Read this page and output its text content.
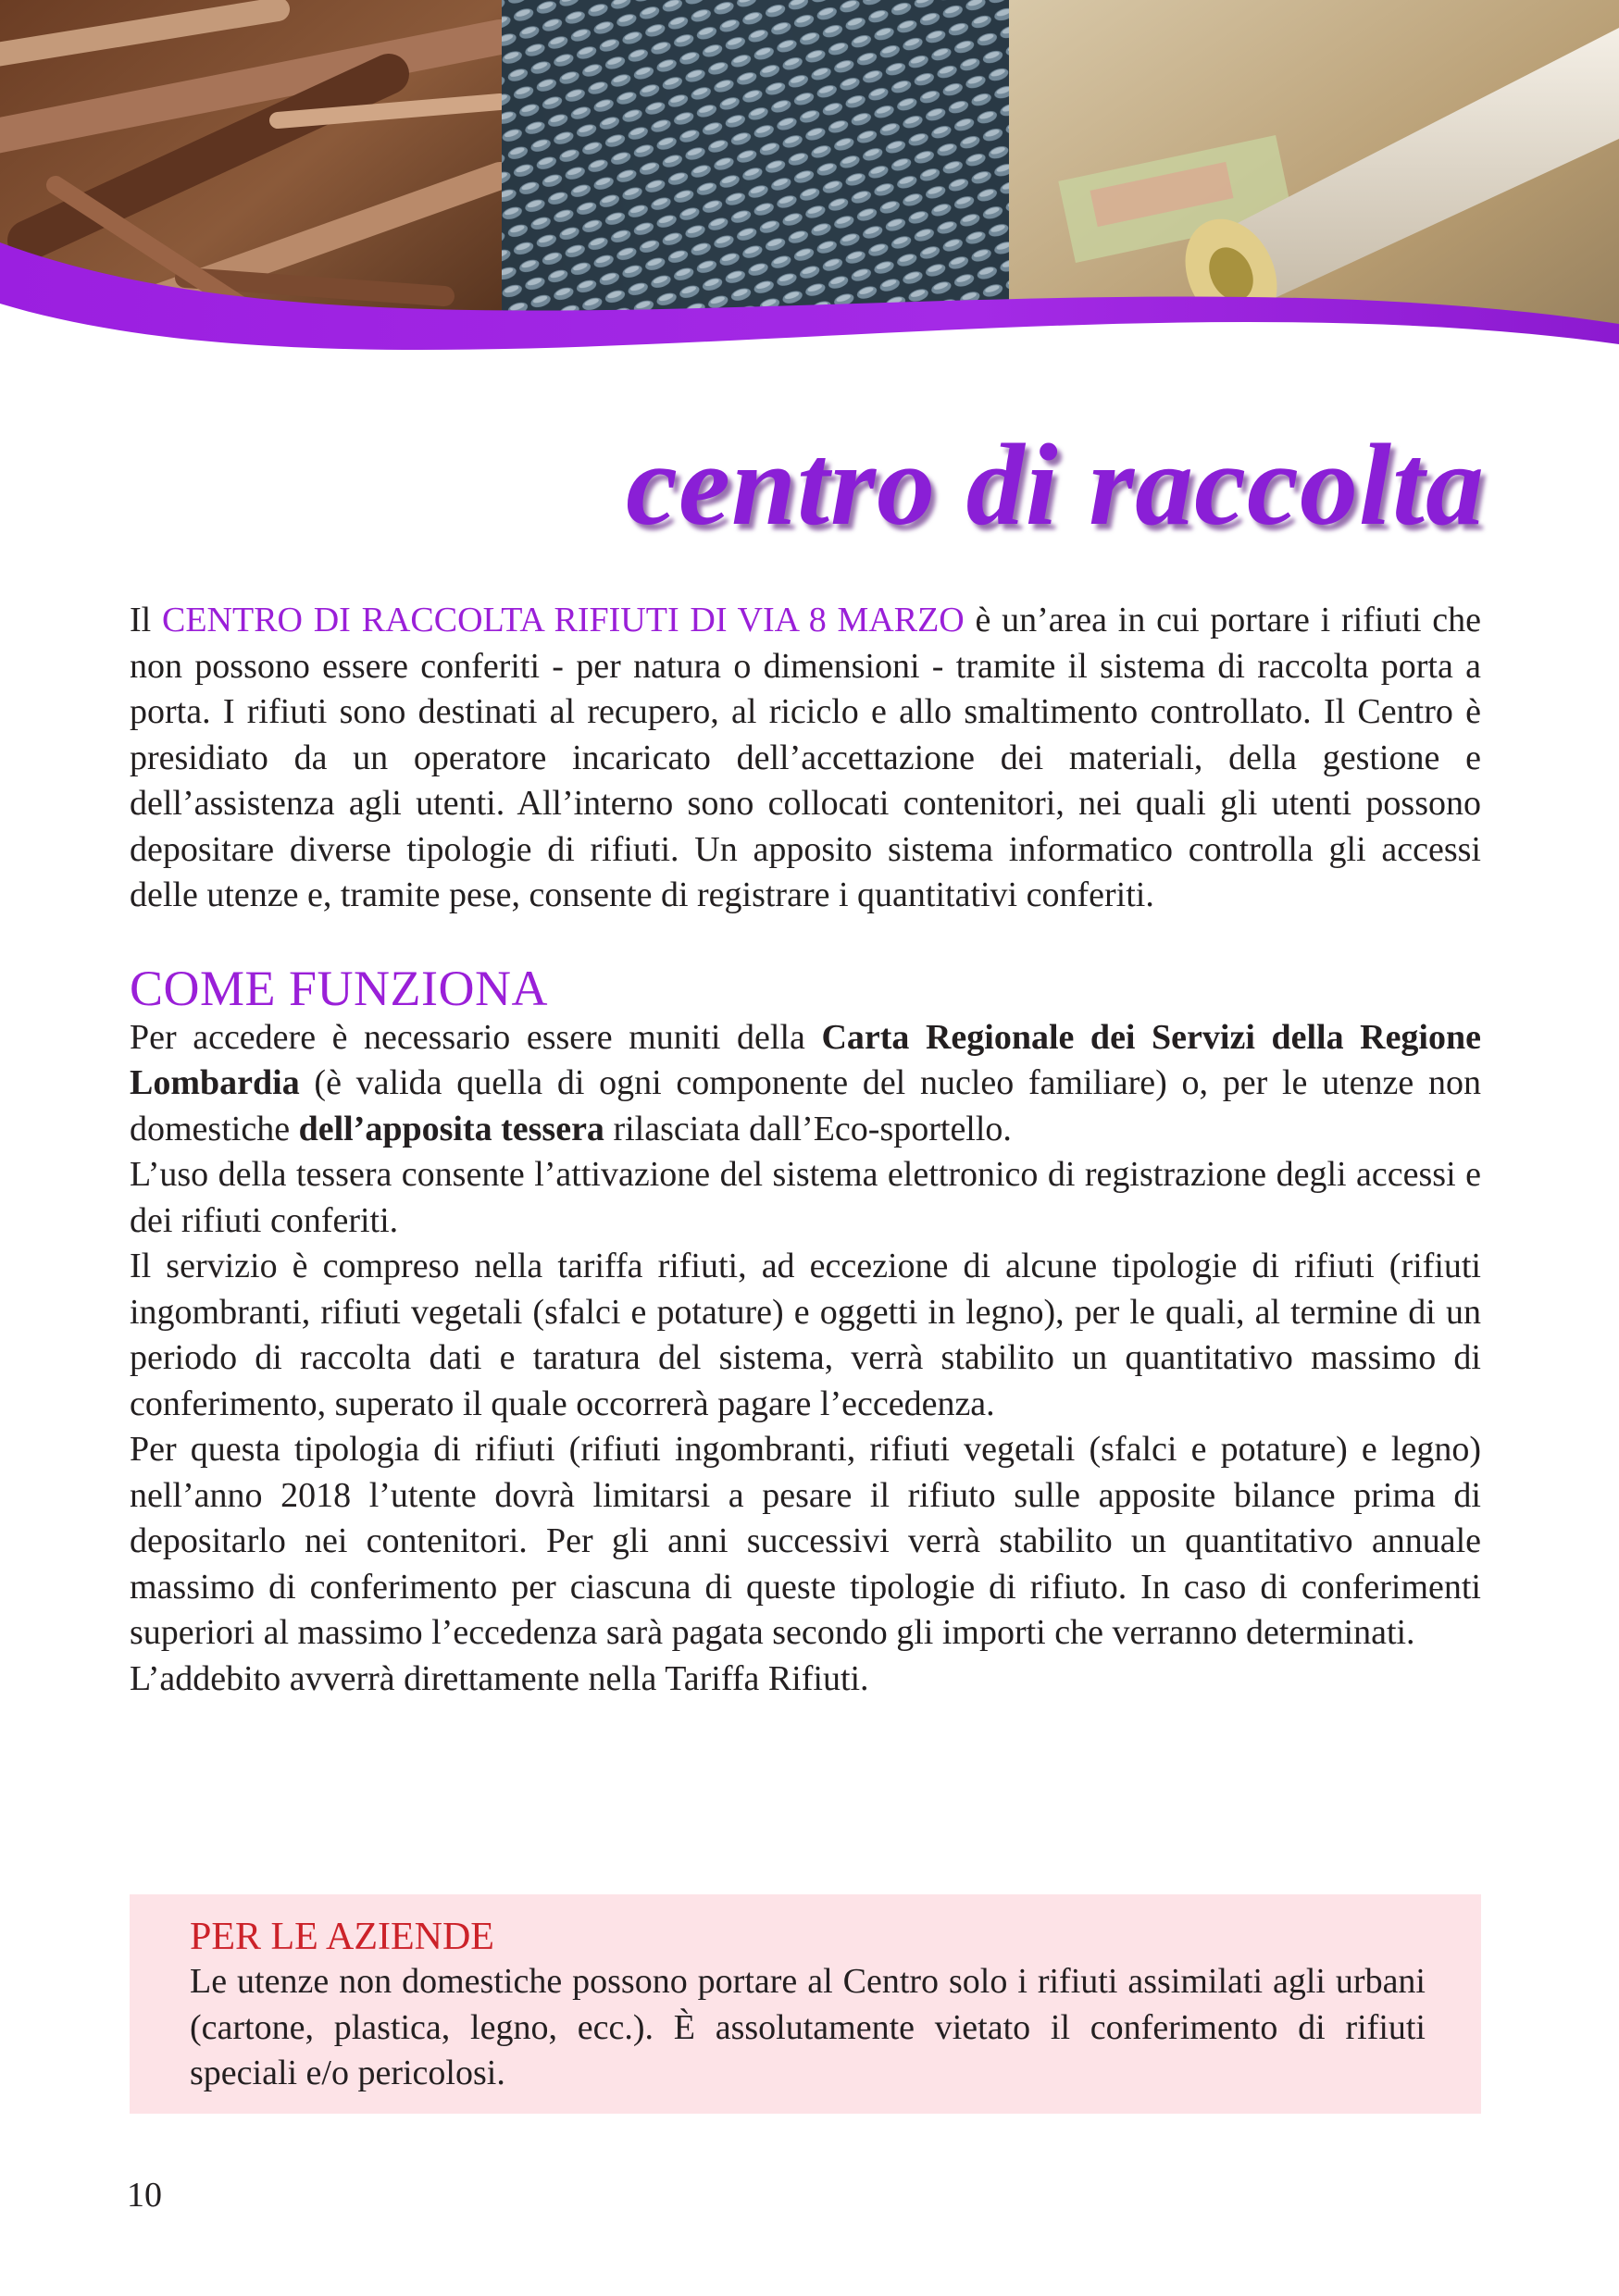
centro di raccolta

Il CENTRO DI RACCOLTA RIFIUTI DI VIA 8 MARZO è un’area in cui portare i rifiuti che non possono essere conferiti - per natura o dimensioni - tramite il sistema di raccolta porta a porta. I rifiuti sono destinati al recupero, al riciclo e allo smaltimento controllato. Il Centro è presidiato da un operatore incaricato dell’accettazione dei materiali, della gestione e dell’assistenza agli utenti. All’interno sono collocati contenitori, nei quali gli utenti possono depositare diverse tipologie di rifiuti. Un apposito sistema informatico controlla gli accessi delle utenze e, tramite pese, consente di registrare i quantitativi conferiti.

COME FUNZIONA

Per accedere è necessario essere muniti della Carta Regionale dei Servizi della Regione Lombardia (è valida quella di ogni componente del nucleo familiare) o, per le utenze non domestiche dell’apposita tessera rilasciata dall’Eco-sportello.

L’uso della tessera consente l’attivazione del sistema elettronico di registrazione degli accessi e dei rifiuti conferiti.

Il servizio è compreso nella tariffa rifiuti, ad eccezione di alcune tipologie di rifiuti (rifiuti ingombranti, rifiuti vegetali (sfalci e potature) e oggetti in legno), per le quali, al termine di un periodo di raccolta dati e taratura del sistema, verrà stabilito un quantitativo massimo di conferimento, superato il quale occorrerà pagare l’eccedenza.

Per questa tipologia di rifiuti (rifiuti ingombranti, rifiuti vegetali (sfalci e potature) e legno) nell’anno 2018 l’utente dovrà limitarsi a pesare il rifiuto sulle apposite bilance prima di depositarlo nei contenitori. Per gli anni successivi verrà stabilito un quantitativo annuale massimo di conferimento per ciascuna di queste tipologie di rifiuto. In caso di conferimenti superiori al massimo l’eccedenza sarà pagata secondo gli importi che verranno determinati.

L’addebito avverrà direttamente nella Tariffa Rifiuti.

PER LE AZIENDE

Le utenze non domestiche possono portare al Centro solo i rifiuti assimilati agli urbani (cartone, plastica, legno, ecc.). È assolutamente vietato il conferimento di rifiuti speciali e/o pericolosi.

10
